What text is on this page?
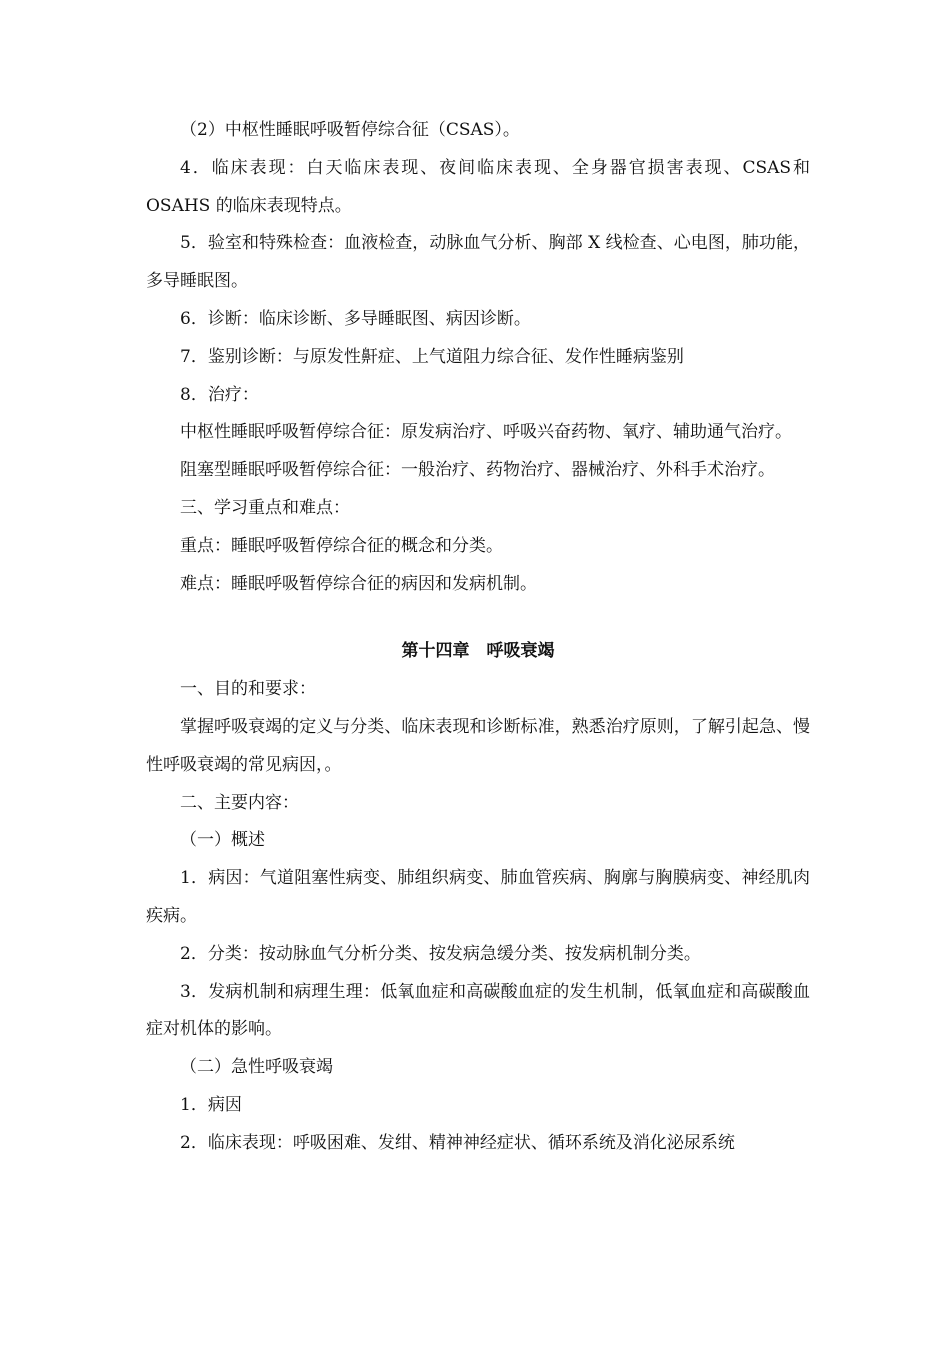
（2）中枢性睡眠呼吸暂停综合征（CSAS）。

4．临床表现：白天临床表现、夜间临床表现、全身器官损害表现、CSAS和 OSAHS 的临床表现特点。

5．验室和特殊检查：血液检查，动脉血气分析、胸部 X 线检查、心电图，肺功能，多导睡眠图。

6．诊断：临床诊断、多导睡眠图、病因诊断。

7．鉴别诊断：与原发性鼾症、上气道阻力综合征、发作性睡病鉴别

8．治疗：

中枢性睡眠呼吸暂停综合征：原发病治疗、呼吸兴奋药物、氧疗、辅助通气治疗。

阻塞型睡眠呼吸暂停综合征：一般治疗、药物治疗、器械治疗、外科手术治疗。

三、学习重点和难点：

重点：睡眠呼吸暂停综合征的概念和分类。

难点：睡眠呼吸暂停综合征的病因和发病机制。

第十四章　呼吸衰竭

一、目的和要求：

掌握呼吸衰竭的定义与分类、临床表现和诊断标准，熟悉治疗原则，了解引起急、慢性呼吸衰竭的常见病因，。

二、主要内容：

（一）概述

1．病因：气道阻塞性病变、肺组织病变、肺血管疾病、胸廓与胸膜病变、神经肌肉疾病。

2．分类：按动脉血气分析分类、按发病急缓分类、按发病机制分类。

3．发病机制和病理生理：低氧血症和高碳酸血症的发生机制，低氧血症和高碳酸血症对机体的影响。

（二）急性呼吸衰竭

1．病因

2．临床表现：呼吸困难、发绀、精神神经症状、循环系统及消化泌尿系统
